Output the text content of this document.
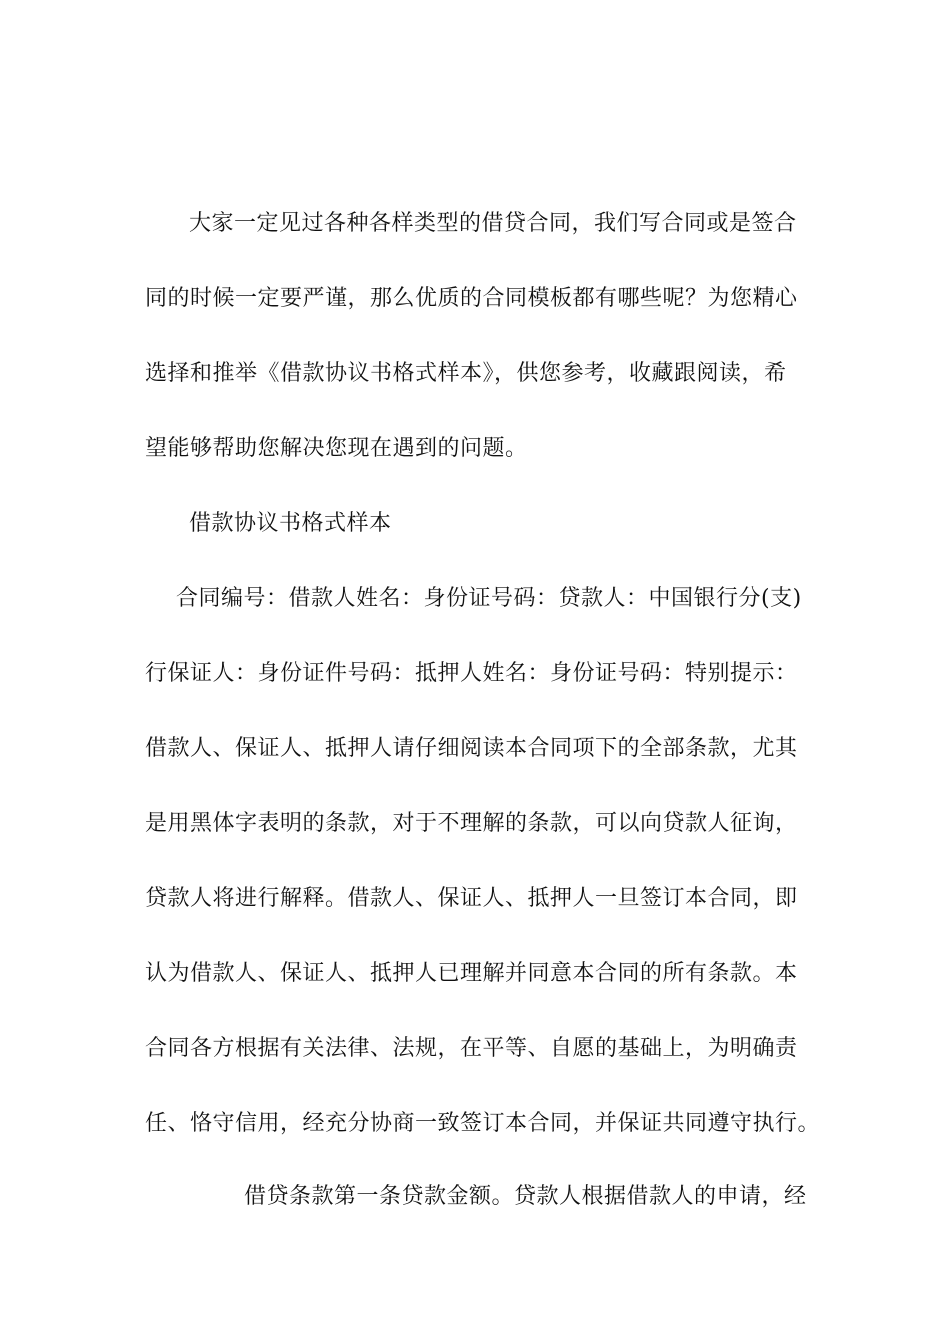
大家一定见过各种各样类型的借贷合同，我们写合同或是签合
同的时候一定要严谨，那么优质的合同模板都有哪些呢？为您精心
选择和推举《借款协议书格式样本》，供您参考，收藏跟阅读，希
望能够帮助您解决您现在遇到的问题。
借款协议书格式样本
合同编号：借款人姓名：身份证号码：贷款人：中国银行分(支)
行保证人：身份证件号码：抵押人姓名：身份证号码：特别提示：
借款人、保证人、抵押人请仔细阅读本合同项下的全部条款，尤其
是用黑体字表明的条款，对于不理解的条款，可以向贷款人征询，
贷款人将进行解释。借款人、保证人、抵押人一旦签订本合同，即
认为借款人、保证人、抵押人已理解并同意本合同的所有条款。本
合同各方根据有关法律、法规，在平等、自愿的基础上，为明确责
任、恪守信用，经充分协商一致签订本合同，并保证共同遵守执行。
借贷条款第一条贷款金额。贷款人根据借款人的申请，经
